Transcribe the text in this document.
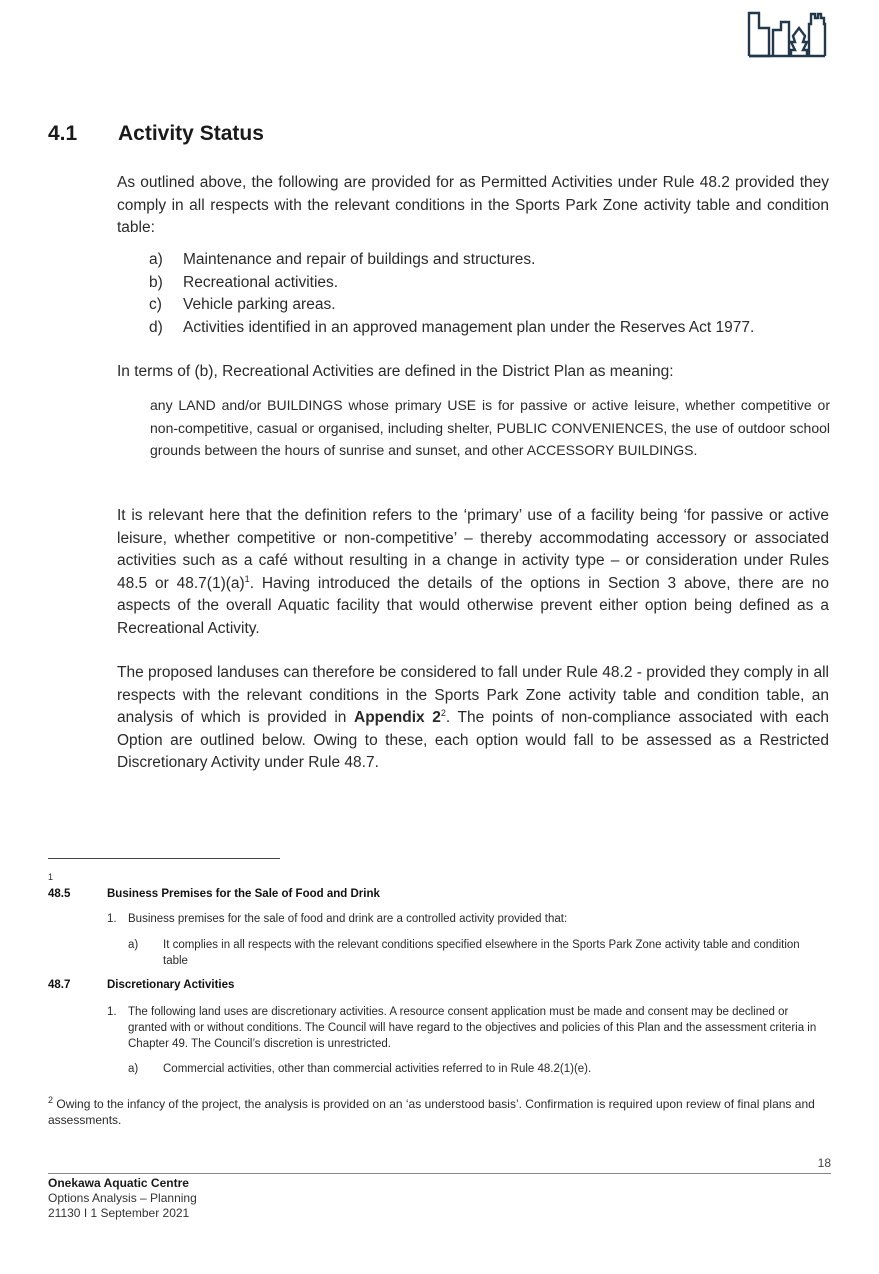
4.1 Activity Status
As outlined above, the following are provided for as Permitted Activities under Rule 48.2 provided they comply in all respects with the relevant conditions in the Sports Park Zone activity table and condition table:
a)	Maintenance and repair of buildings and structures.
b)	Recreational activities.
c)	Vehicle parking areas.
d)	Activities identified in an approved management plan under the Reserves Act 1977.
In terms of (b), Recreational Activities are defined in the District Plan as meaning:
any LAND and/or BUILDINGS whose primary USE is for passive or active leisure, whether competitive or non-competitive, casual or organised, including shelter, PUBLIC CONVENIENCES, the use of outdoor school grounds between the hours of sunrise and sunset, and other ACCESSORY BUILDINGS.
It is relevant here that the definition refers to the ‘primary’ use of a facility being ‘for passive or active leisure, whether competitive or non-competitive’ – thereby accommodating accessory or associated activities such as a café without resulting in a change in activity type – or consideration under Rules 48.5 or $48.7(1)(a)^1$. Having introduced the details of the options in Section 3 above, there are no aspects of the overall Aquatic facility that would otherwise prevent either option being defined as a Recreational Activity.
The proposed landuses can therefore be considered to fall under Rule 48.2 - provided they comply in all respects with the relevant conditions in the Sports Park Zone activity table and condition table, an analysis of which is provided in Appendix $2^2$. The points of non-compliance associated with each Option are outlined below. Owing to these, each option would fall to be assessed as a Restricted Discretionary Activity under Rule 48.7.
1
48.5	Business Premises for the Sale of Food and Drink
1. Business premises for the sale of food and drink are a controlled activity provided that:
a)	It complies in all respects with the relevant conditions specified elsewhere in the Sports Park Zone activity table and condition table
48.7	Discretionary Activities
1. The following land uses are discretionary activities. A resource consent application must be made and consent may be declined or granted with or without conditions. The Council will have regard to the objectives and policies of this Plan and the assessment criteria in Chapter 49. The Council’s discretion is unrestricted.
a)	Commercial activities, other than commercial activities referred to in Rule 48.2(1)(e).
$^2$ Owing to the infancy of the project, the analysis is provided on an ‘as understood basis’. Confirmation is required upon review of final plans and assessments.
18
Onekawa Aquatic Centre
Options Analysis – Planning
21130 I 1 September 2021
